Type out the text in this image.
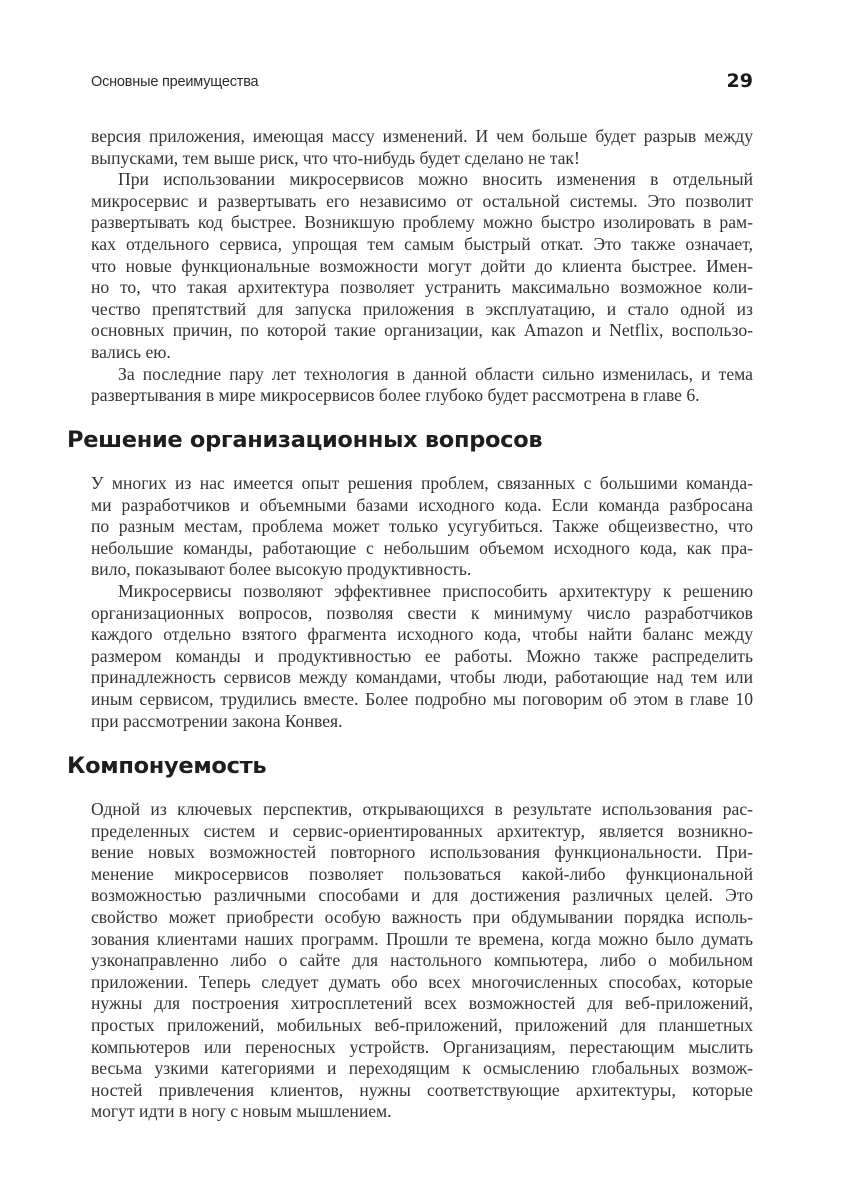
Основные преимущества	29
версия приложения, имеющая массу изменений. И чем больше будет разрыв между
выпусками, тем выше риск, что что-нибудь будет сделано не так!
При использовании микросервисов можно вносить изменения в отдельный
микросервис и развертывать его независимо от остальной системы. Это позволит
развертывать код быстрее. Возникшую проблему можно быстро изолировать в рам-
ках отдельного сервиса, упрощая тем самым быстрый откат. Это также означает,
что новые функциональные возможности могут дойти до клиента быстрее. Имен-
но то, что такая архитектура позволяет устранить максимально возможное коли-
чество препятствий для запуска приложения в эксплуатацию, и стало одной из
основных причин, по которой такие организации, как Amazon и Netflix, воспользо-
вались ею.
За последние пару лет технология в данной области сильно изменилась, и тема
развертывания в мире микросервисов более глубоко будет рассмотрена в главе 6.
Решение организационных вопросов
У многих из нас имеется опыт решения проблем, связанных с большими команда-
ми разработчиков и объемными базами исходного кода. Если команда разбросана
по разным местам, проблема может только усугубиться. Также общеизвестно, что
небольшие команды, работающие с небольшим объемом исходного кода, как пра-
вило, показывают более высокую продуктивность.
Микросервисы позволяют эффективнее приспособить архитектуру к решению
организационных вопросов, позволяя свести к минимуму число разработчиков
каждого отдельно взятого фрагмента исходного кода, чтобы найти баланс между
размером команды и продуктивностью ее работы. Можно также распределить
принадлежность сервисов между командами, чтобы люди, работающие над тем или
иным сервисом, трудились вместе. Более подробно мы поговорим об этом в главе 10
при рассмотрении закона Конвея.
Компонуемость
Одной из ключевых перспектив, открывающихся в результате использования рас-
пределенных систем и сервис-ориентированных архитектур, является возникно-
вение новых возможностей повторного использования функциональности. При-
менение микросервисов позволяет пользоваться какой-либо функциональной
возможностью различными способами и для достижения различных целей. Это
свойство может приобрести особую важность при обдумывании порядка исполь-
зования клиентами наших программ. Прошли те времена, когда можно было думать
узконаправленно либо о сайте для настольного компьютера, либо о мобильном
приложении. Теперь следует думать обо всех многочисленных способах, которые
нужны для построения хитросплетений всех возможностей для веб-приложений,
простых приложений, мобильных веб-приложений, приложений для планшетных
компьютеров или переносных устройств. Организациям, перестающим мыслить
весьма узкими категориями и переходящим к осмыслению глобальных возмож-
ностей привлечения клиентов, нужны соответствующие архитектуры, которые
могут идти в ногу с новым мышлением.
